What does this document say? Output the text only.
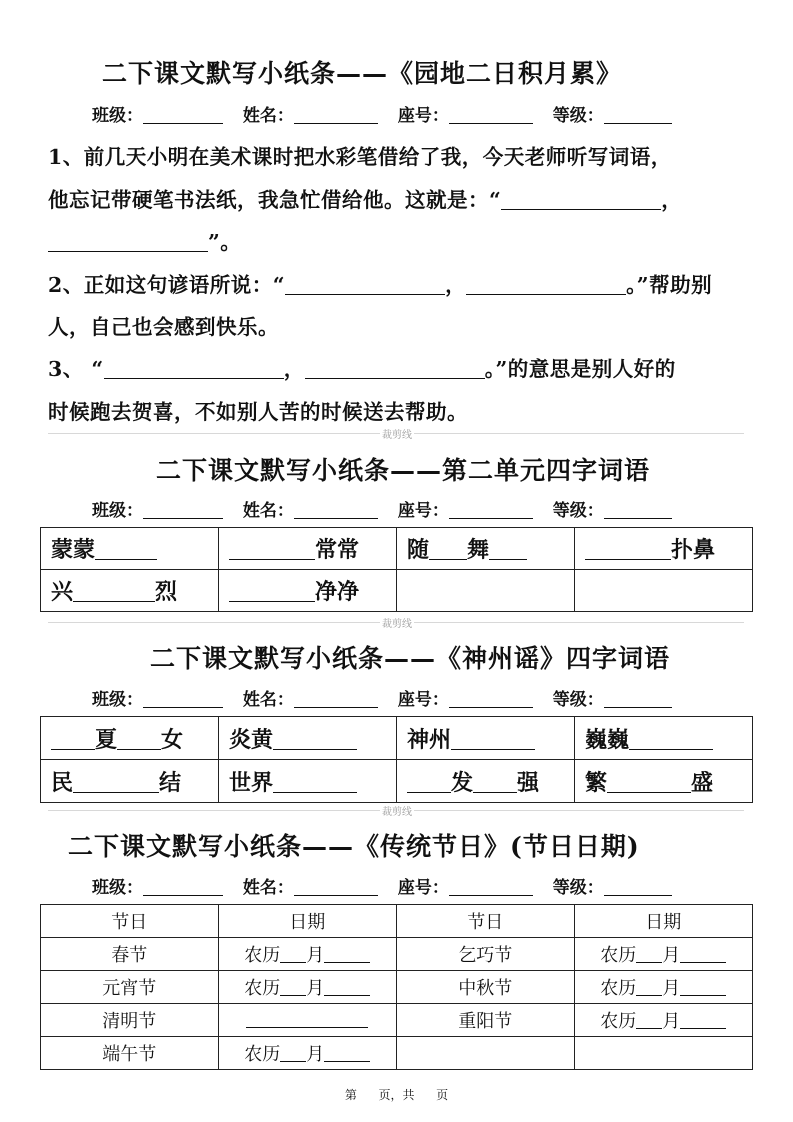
二下课文默写小纸条——《园地二日积月累》
班级：	姓名：	座号：	等级：
1、前几天小明在美术课时把水彩笔借给了我，今天老师听写词语，
他忘记带硬笔书法纸，我急忙借给他。这就是：“	，
”。
2、正如这句谚语所说：“	，	。”帮助别
人，自己也会感到快乐。
3、 “	，	。”的意思是别人好的
时候跑去贺喜，不如别人苦的时候送去帮助。
裁剪线
二下课文默写小纸条——第二单元四字词语
班级：	姓名：	座号：	等级：
蒙蒙	常常	随 舞	扑鼻
兴 烈	净净		
裁剪线
二下课文默写小纸条——《神州谣》四字词语
班级：	姓名：	座号：	等级：
夏 女	炎黄	神州	巍巍
民 结	世界	发 强	繁 盛
裁剪线
二下课文默写小纸条——《传统节日》(节日日期)
班级：	姓名：	座号：	等级：
节日	日期	节日	日期
春节	农历 月	乞巧节	农历 月
元宵节	农历 月	中秋节	农历 月
清明节		重阳节	农历 月
端午节	农历 月		
第 页，共 页
